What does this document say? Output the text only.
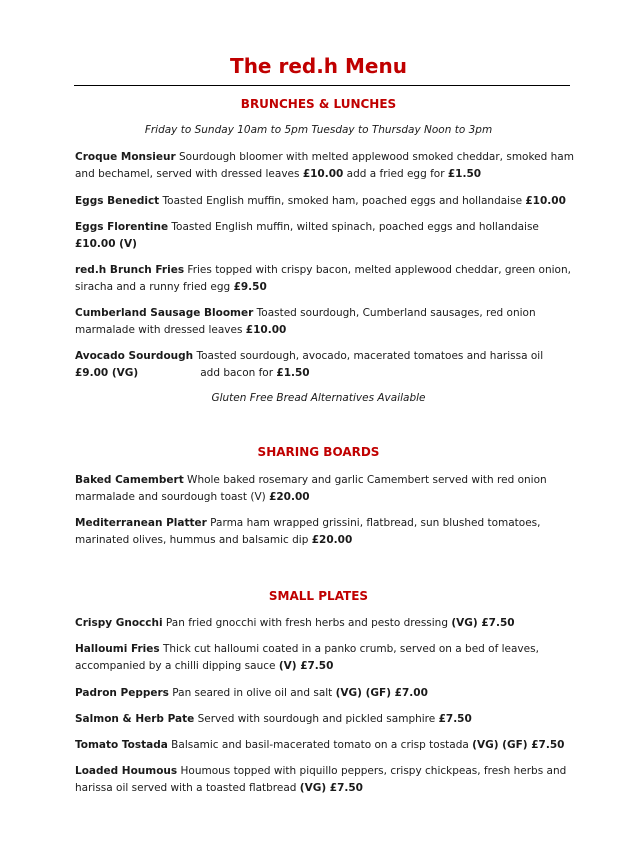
The red.h Menu
BRUNCHES & LUNCHES

Friday to Sunday 10am to 5pm Tuesday to Thursday Noon to 3pm

Croque Monsieur Sourdough bloomer with melted applewood smoked cheddar, smoked ham and bechamel, served with dressed leaves £10.00 add a fried egg for £1.50

Eggs Benedict Toasted English muffin, smoked ham, poached eggs and hollandaise £10.00

Eggs Florentine Toasted English muffin, wilted spinach, poached eggs and hollandaise £10.00 (V)

red.h Brunch Fries Fries topped with crispy bacon, melted applewood cheddar, green onion, siracha and a runny fried egg £9.50

Cumberland Sausage Bloomer Toasted sourdough, Cumberland sausages, red onion marmalade with dressed leaves £10.00

Avocado Sourdough Toasted sourdough, avocado, macerated tomatoes and harissa oil £9.00 (VG)	add bacon for £1.50

Gluten Free Bread Alternatives Available

SHARING BOARDS

Baked Camembert Whole baked rosemary and garlic Camembert served with red onion marmalade and sourdough toast (V) £20.00

Mediterranean Platter Parma ham wrapped grissini, flatbread, sun blushed tomatoes, marinated olives, hummus and balsamic dip £20.00

SMALL PLATES

Crispy Gnocchi Pan fried gnocchi with fresh herbs and pesto dressing (VG) £7.50

Halloumi Fries Thick cut halloumi coated in a panko crumb, served on a bed of leaves, accompanied by a chilli dipping sauce (V) £7.50

Padron Peppers Pan seared in olive oil and salt (VG) (GF) £7.00

Salmon & Herb Pate Served with sourdough and pickled samphire £7.50

Tomato Tostada Balsamic and basil-macerated tomato on a crisp tostada (VG) (GF) £7.50

Loaded Houmous Houmous topped with piquillo peppers, crispy chickpeas, fresh herbs and harissa oil served with a toasted flatbread (VG) £7.50
